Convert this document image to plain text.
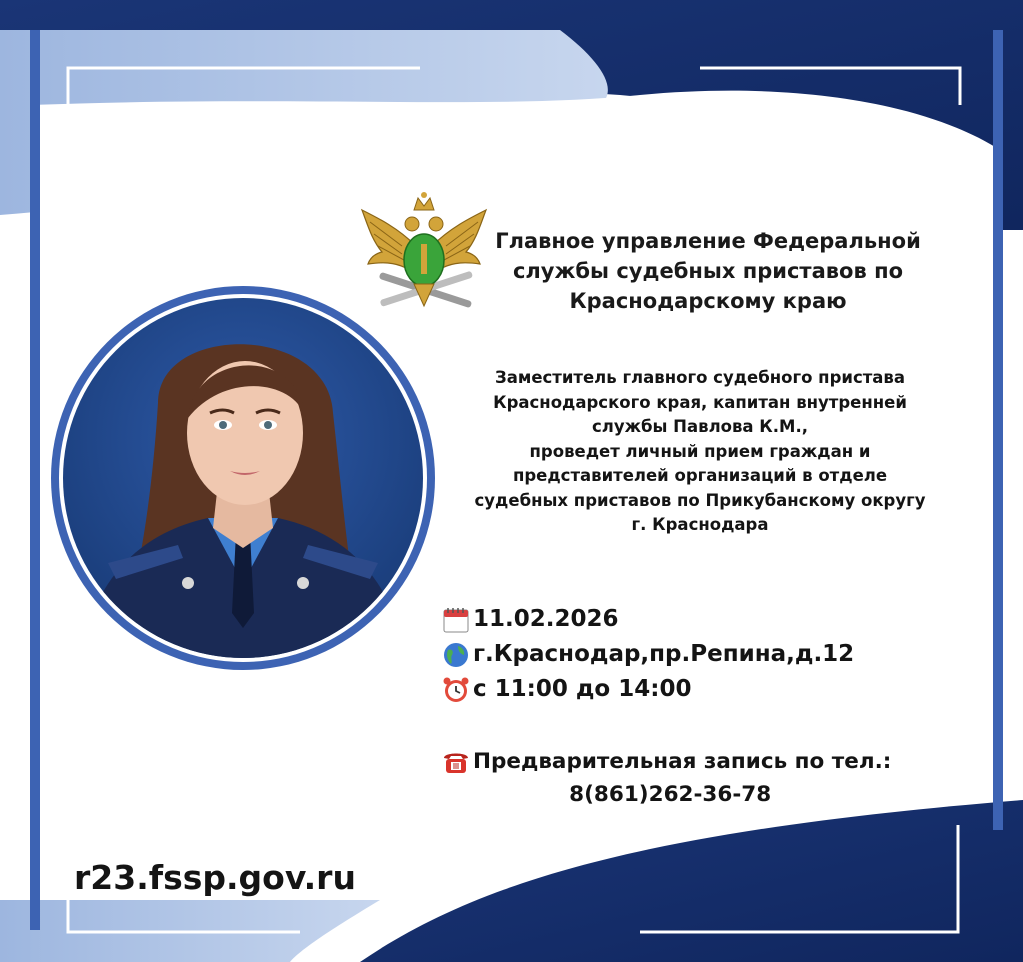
Главное управление Федеральной
службы судебных приставов по
Краснодарскому краю
Заместитель главного судебного пристава
Краснодарского края, капитан внутренней
службы Павлова К.М.,
проведет личный прием граждан и
представителей организаций в отделе
судебных приставов по Прикубанскому округу
г. Краснодара
11.02.2026
г.Краснодар,пр.Репина,д.12
с 11:00 до 14:00
Предварительная запись по тел.:
8(861)262-36-78
r23.fssp.gov.ru
